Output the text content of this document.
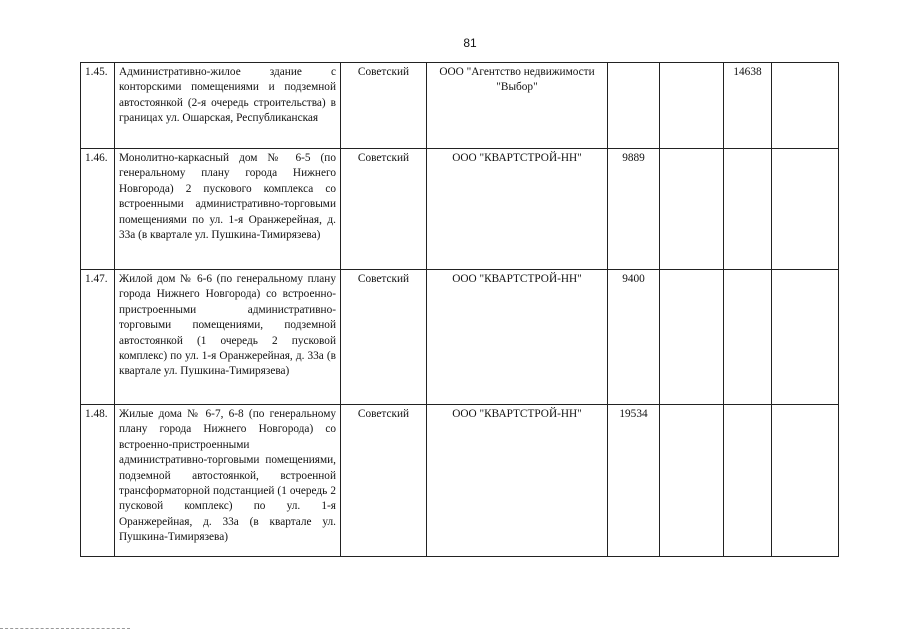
81
1.45.	Административно-жилое здание с конторскими помещениями и подземной автостоянкой (2-я очередь строительства) в границах ул. Ошарская, Республиканская	Советский	ООО "Агентство недвижимости "Выбор"			14638	
1.46.	Монолитно-каркасный дом № 6-5 (по генеральному плану города Нижнего Новгорода) 2 пускового комплекса со встроенными административно-торговыми помещениями по ул. 1-я Оранжерейная, д. 33а (в квартале ул. Пушкина-Тимирязева)	Советский	ООО "КВАРТСТРОЙ-НН"	9889			
1.47.	Жилой дом № 6-6 (по генеральному плану города Нижнего Новгорода) со встроенно-пристроенными административно-торговыми помещениями, подземной автостоянкой (1 очередь 2 пусковой комплекс) по ул. 1-я Оранжерейная, д. 33а (в квартале ул. Пушкина-Тимирязева)	Советский	ООО "КВАРТСТРОЙ-НН"	9400			
1.48.	Жилые дома № 6-7, 6-8 (по генеральному плану города Нижнего Новгорода) со встроенно-пристроенными административно-торговыми помещениями, подземной автостоянкой, встроенной трансформаторной подстанцией (1 очередь 2 пусковой комплекс) по ул. 1-я Оранжерейная, д. 33а (в квартале ул. Пушкина-Тимирязева)	Советский	ООО "КВАРТСТРОЙ-НН"	19534			
